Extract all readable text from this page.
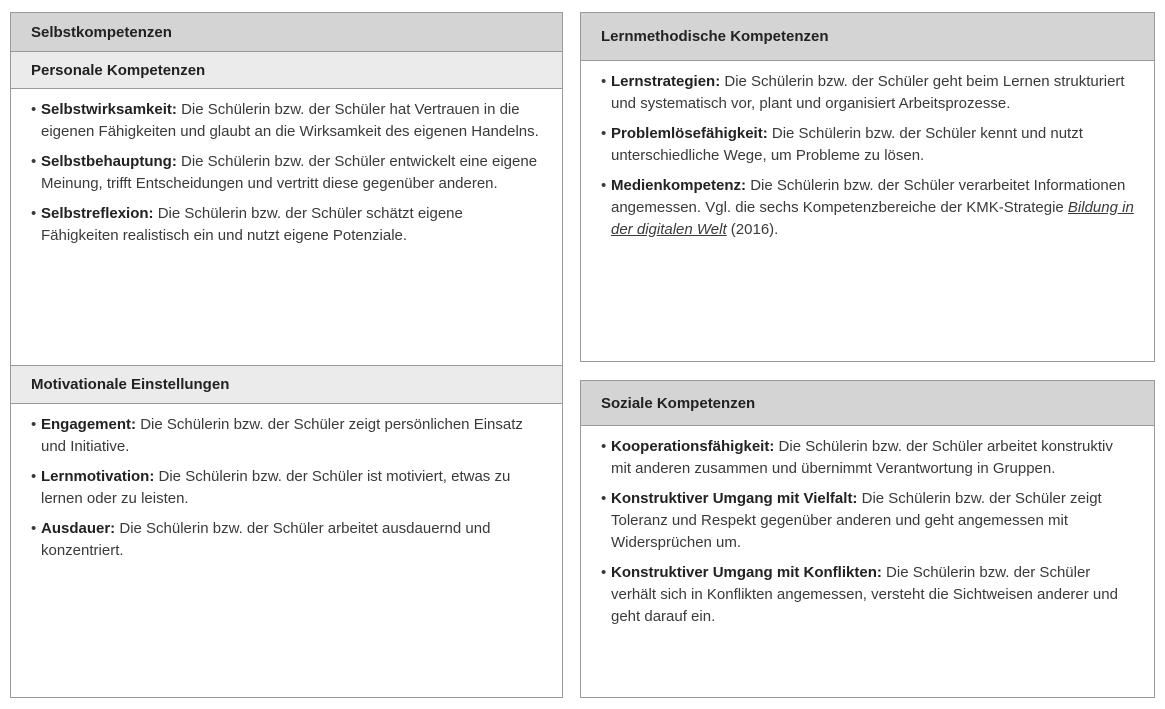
Selbstkompetenzen
Personale Kompetenzen
• Selbstwirksamkeit: Die Schülerin bzw. der Schüler hat Vertrauen in die eigenen Fähigkeiten und glaubt an die Wirksamkeit des eigenen Handelns.
• Selbstbehauptung: Die Schülerin bzw. der Schüler entwickelt eine eigene Meinung, trifft Entscheidungen und vertritt diese gegenüber anderen.
• Selbstreflexion: Die Schülerin bzw. der Schüler schätzt eigene Fähigkeiten realistisch ein und nutzt eigene Potenziale.
Motivationale Einstellungen
• Engagement: Die Schülerin bzw. der Schüler zeigt persönlichen Einsatz und Initiative.
• Lernmotivation: Die Schülerin bzw. der Schüler ist motiviert, etwas zu lernen oder zu leisten.
• Ausdauer: Die Schülerin bzw. der Schüler arbeitet ausdauernd und konzentriert.
Lernmethodische Kompetenzen
• Lernstrategien: Die Schülerin bzw. der Schüler geht beim Lernen strukturiert und systematisch vor, plant und organisiert Arbeitsprozesse.
• Problemlösefähigkeit: Die Schülerin bzw. der Schüler kennt und nutzt unterschiedliche Wege, um Probleme zu lösen.
• Medienkompetenz: Die Schülerin bzw. der Schüler verarbeitet Informationen angemessen. Vgl. die sechs Kompetenzbereiche der KMK-Strategie Bildung in der digitalen Welt (2016).
Soziale Kompetenzen
• Kooperationsfähigkeit: Die Schülerin bzw. der Schüler arbeitet konstruktiv mit anderen zusammen und übernimmt Verantwortung in Gruppen.
• Konstruktiver Umgang mit Vielfalt: Die Schülerin bzw. der Schüler zeigt Toleranz und Respekt gegenüber anderen und geht angemessen mit Widersprüchen um.
• Konstruktiver Umgang mit Konflikten: Die Schülerin bzw. der Schüler verhält sich in Konflikten angemessen, versteht die Sichtweisen anderer und geht darauf ein.
